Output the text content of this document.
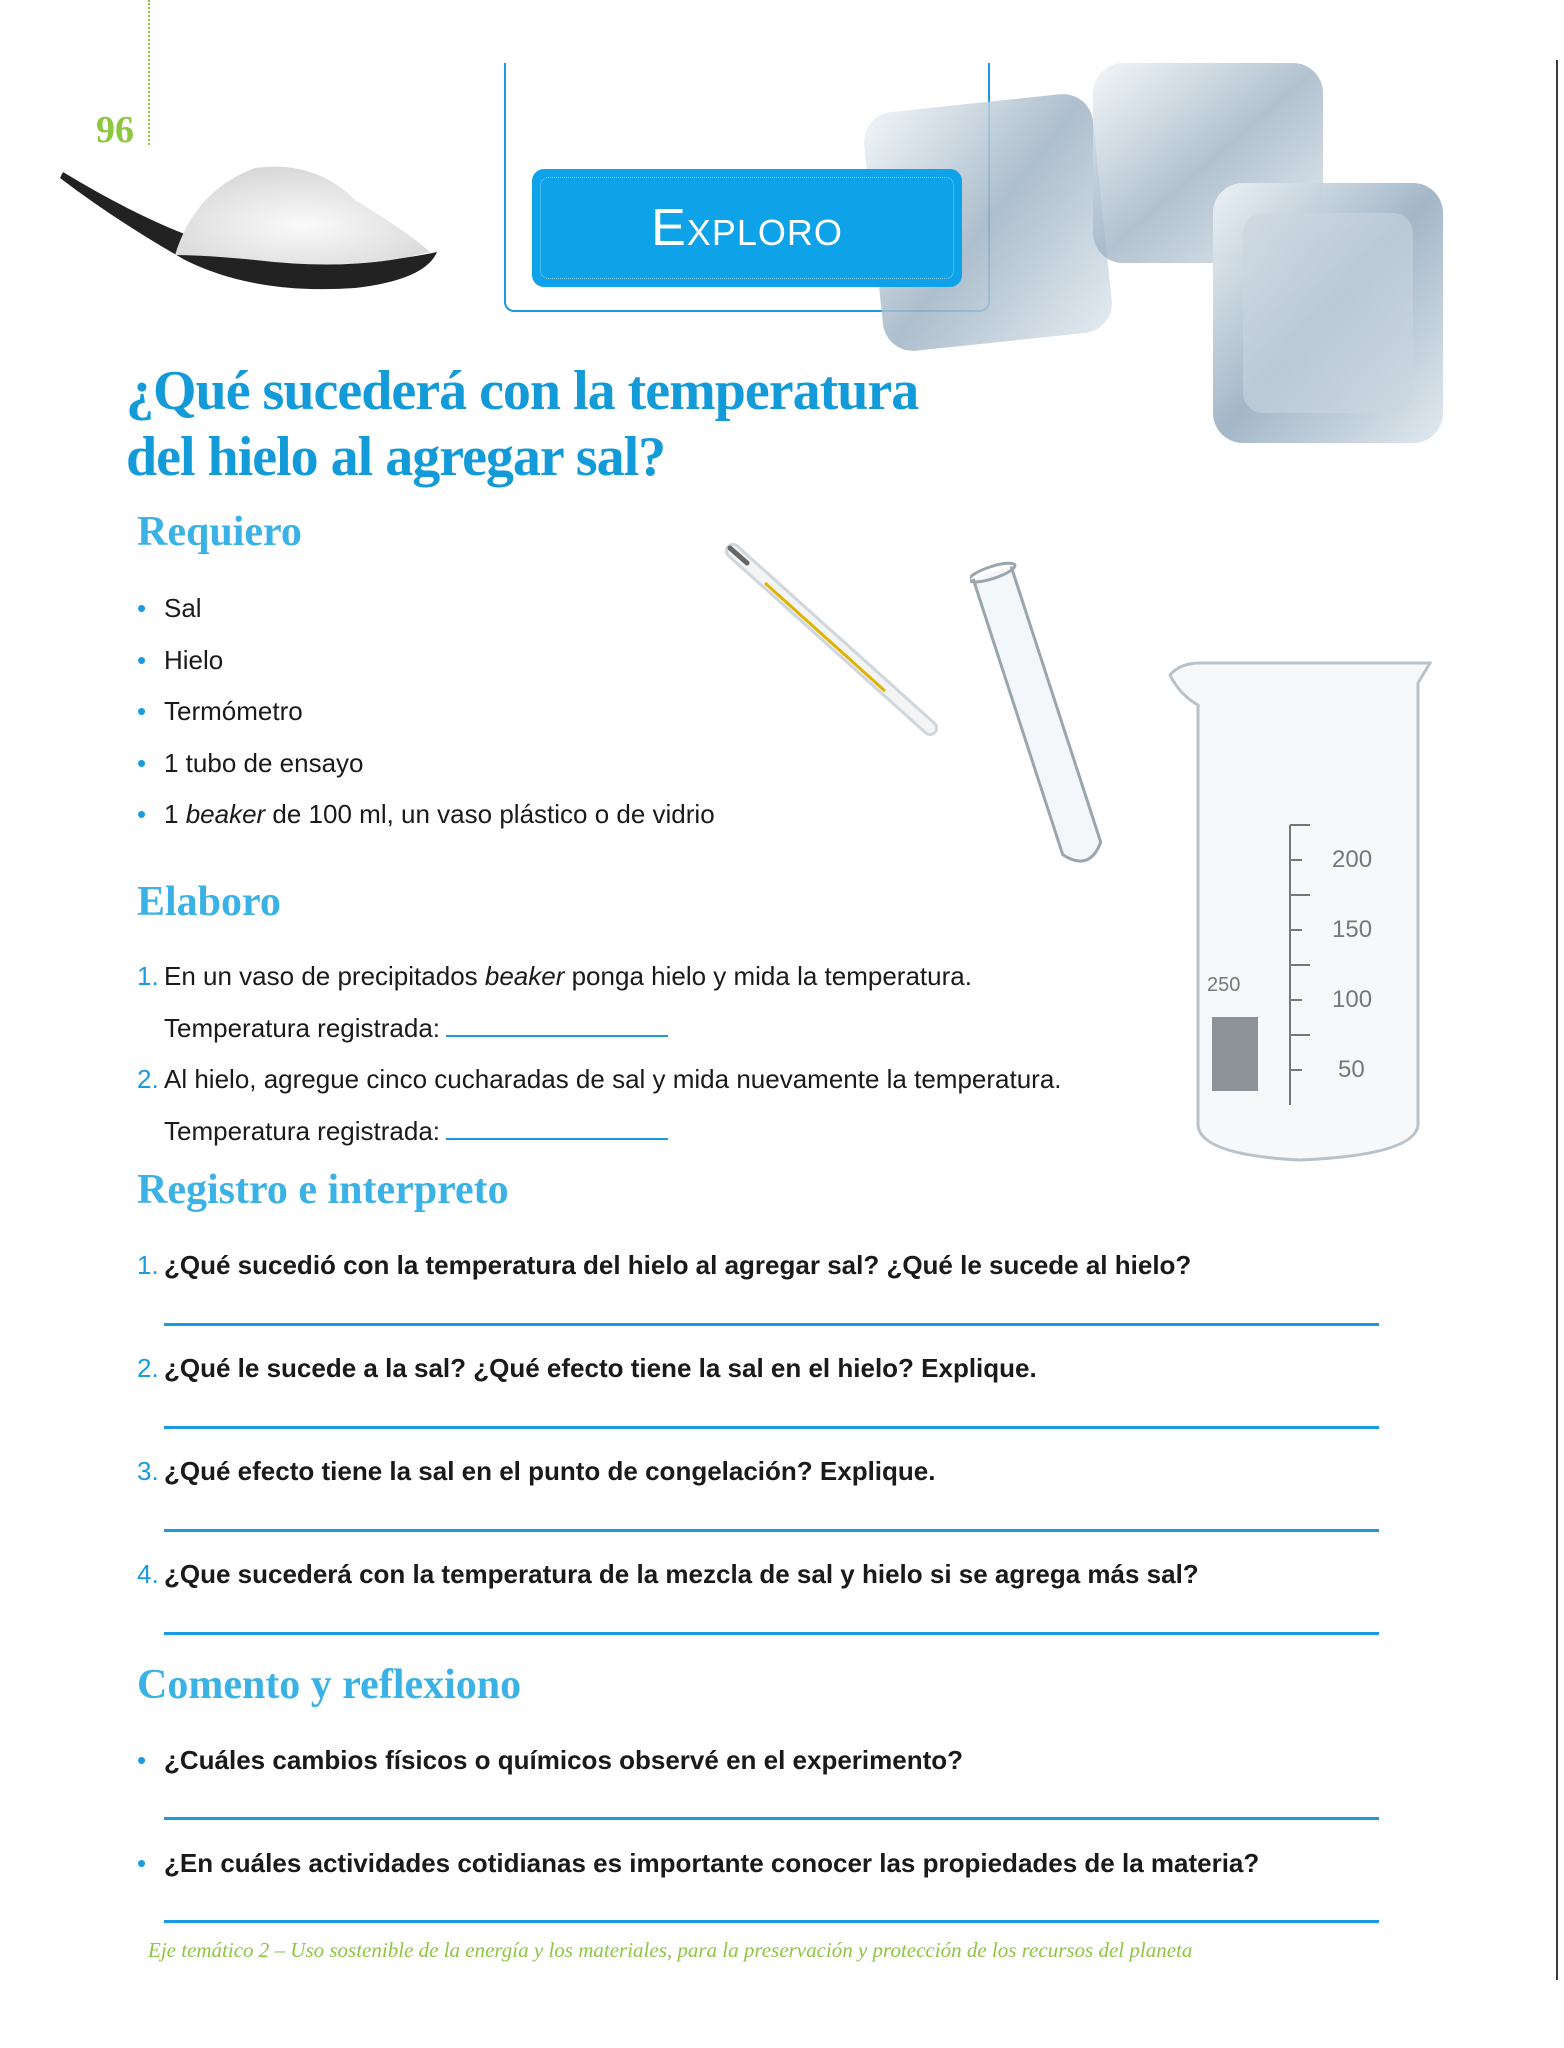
96
Exploro
¿Qué sucederá con la temperatura
del hielo al agregar sal?
Requiero
• Sal
• Hielo
• Termómetro
• 1 tubo de ensayo
• 1 beaker de 100 ml, un vaso plástico o de vidrio
200
150
100
50
250
Elaboro
1. En un vaso de precipitados beaker ponga hielo y mida la temperatura.
Temperatura registrada:
2. Al hielo, agregue cinco cucharadas de sal y mida nuevamente la temperatura.
Temperatura registrada:
Registro e interpreto
1. ¿Qué sucedió con la temperatura del hielo al agregar sal? ¿Qué le sucede al hielo?
2. ¿Qué le sucede a la sal? ¿Qué efecto tiene la sal en el hielo? Explique.
3. ¿Qué efecto tiene la sal en el punto de congelación? Explique.
4. ¿Que sucederá con la temperatura de la mezcla de sal y hielo si se agrega más sal?
Comento y reflexiono
• ¿Cuáles cambios físicos o químicos observé en el experimento?
• ¿En cuáles actividades cotidianas es importante conocer las propiedades de la materia?
Eje temático 2 – Uso sostenible de la energía y los materiales, para la preservación y protección de los recursos del planeta
